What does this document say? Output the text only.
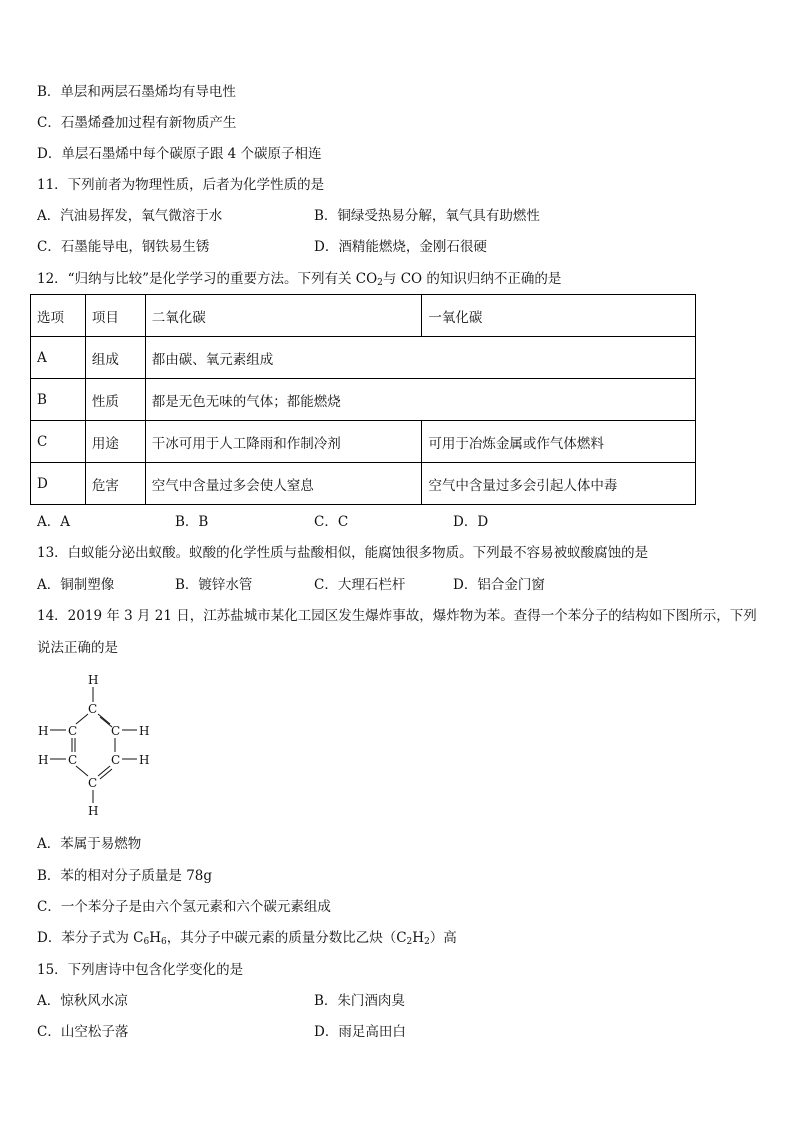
B．单层和两层石墨烯均有导电性
C．石墨烯叠加过程有新物质产生
D．单层石墨烯中每个碳原子跟 4 个碳原子相连
11．下列前者为物理性质，后者为化学性质的是
A．汽油易挥发，氧气微溶于水	B．铜绿受热易分解，氧气具有助燃性
C．石墨能导电，钢铁易生锈	D．酒精能燃烧，金刚石很硬
12．“归纳与比较”是化学学习的重要方法。下列有关 $CO_2$与 CO 的知识归纳不正确的是
选项	项目	二氧化碳	一氧化碳
A	组成	都由碳、氧元素组成	
B	性质	都是无色无味的气体；都能燃烧	
C	用途	干冰可用于人工降雨和作制冷剂	可用于冶炼金属或作气体燃料
D	危害	空气中含量过多会使人窒息	空气中含量过多会引起人体中毒
A．A	B．B	C．C	D．D
13．白蚁能分泌出蚁酸。蚁酸的化学性质与盐酸相似，能腐蚀很多物质。下列最不容易被蚁酸腐蚀的是
A．铜制塑像	B．镀锌水管	C．大理石栏杆	D．铝合金门窗
14．2019 年 3 月 21 日，江苏盐城市某化工园区发生爆炸事故，爆炸物为苯。查得一个苯分子的结构如下图所示，下列
说法正确的是
H
C
C	C
C	C
C
H
H
H
H
H
A．苯属于易燃物
B．苯的相对分子质量是 78g
C．一个苯分子是由六个氢元素和六个碳元素组成
D．苯分子式为 $C_6H_6$，其分子中碳元素的质量分数比乙炔$(C_2H_2)$高
15．下列唐诗中包含化学变化的是
A．惊秋风水凉	B．朱门酒肉臭
C．山空松子落	D．雨足高田白
